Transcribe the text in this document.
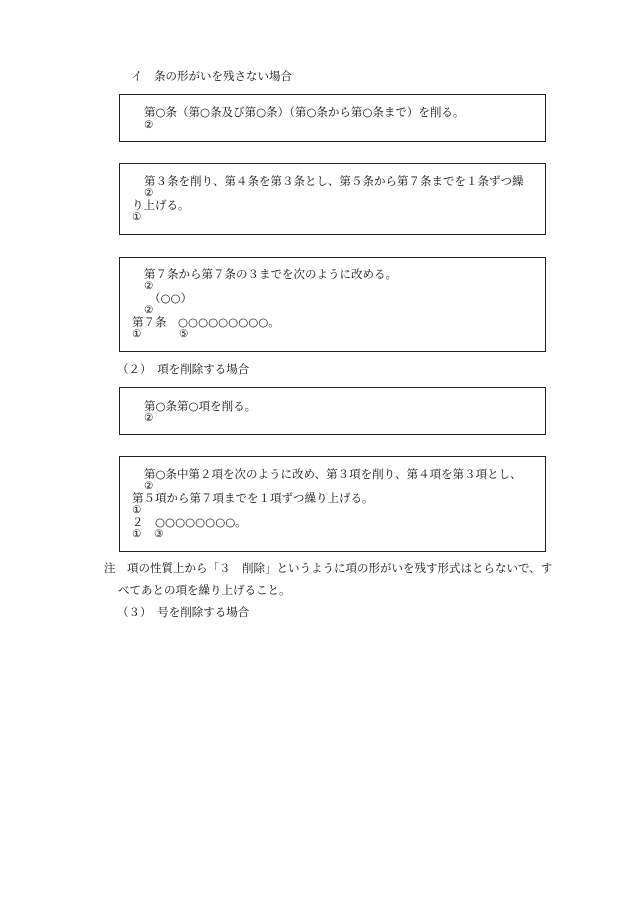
イ　条の形がいを残さない場合
第○条（第○条及び第○条）（第○条から第○条まで）を削る。
②
第３条を削り、第４条を第３条とし、第５条から第７条までを１条ずつ繰
②
り上げる。
①
第７条から第７条の３までを次のように改める。
②
（○○）
②
第７条　○○○○○○○○○。
①	⑤
（２）　項を削除する場合
第○条第○項を削る。
②
第○条中第２項を次のように改め、第３項を削り、第４項を第３項とし、
②
第５項から第７項までを１項ずつ繰り上げる。
①
２　○○○○○○○○。
① ③
注　項の性質上から「３　削除」というように項の形がいを残す形式はとらないで、す
べてあとの項を繰り上げること。
（３）　号を削除する場合
